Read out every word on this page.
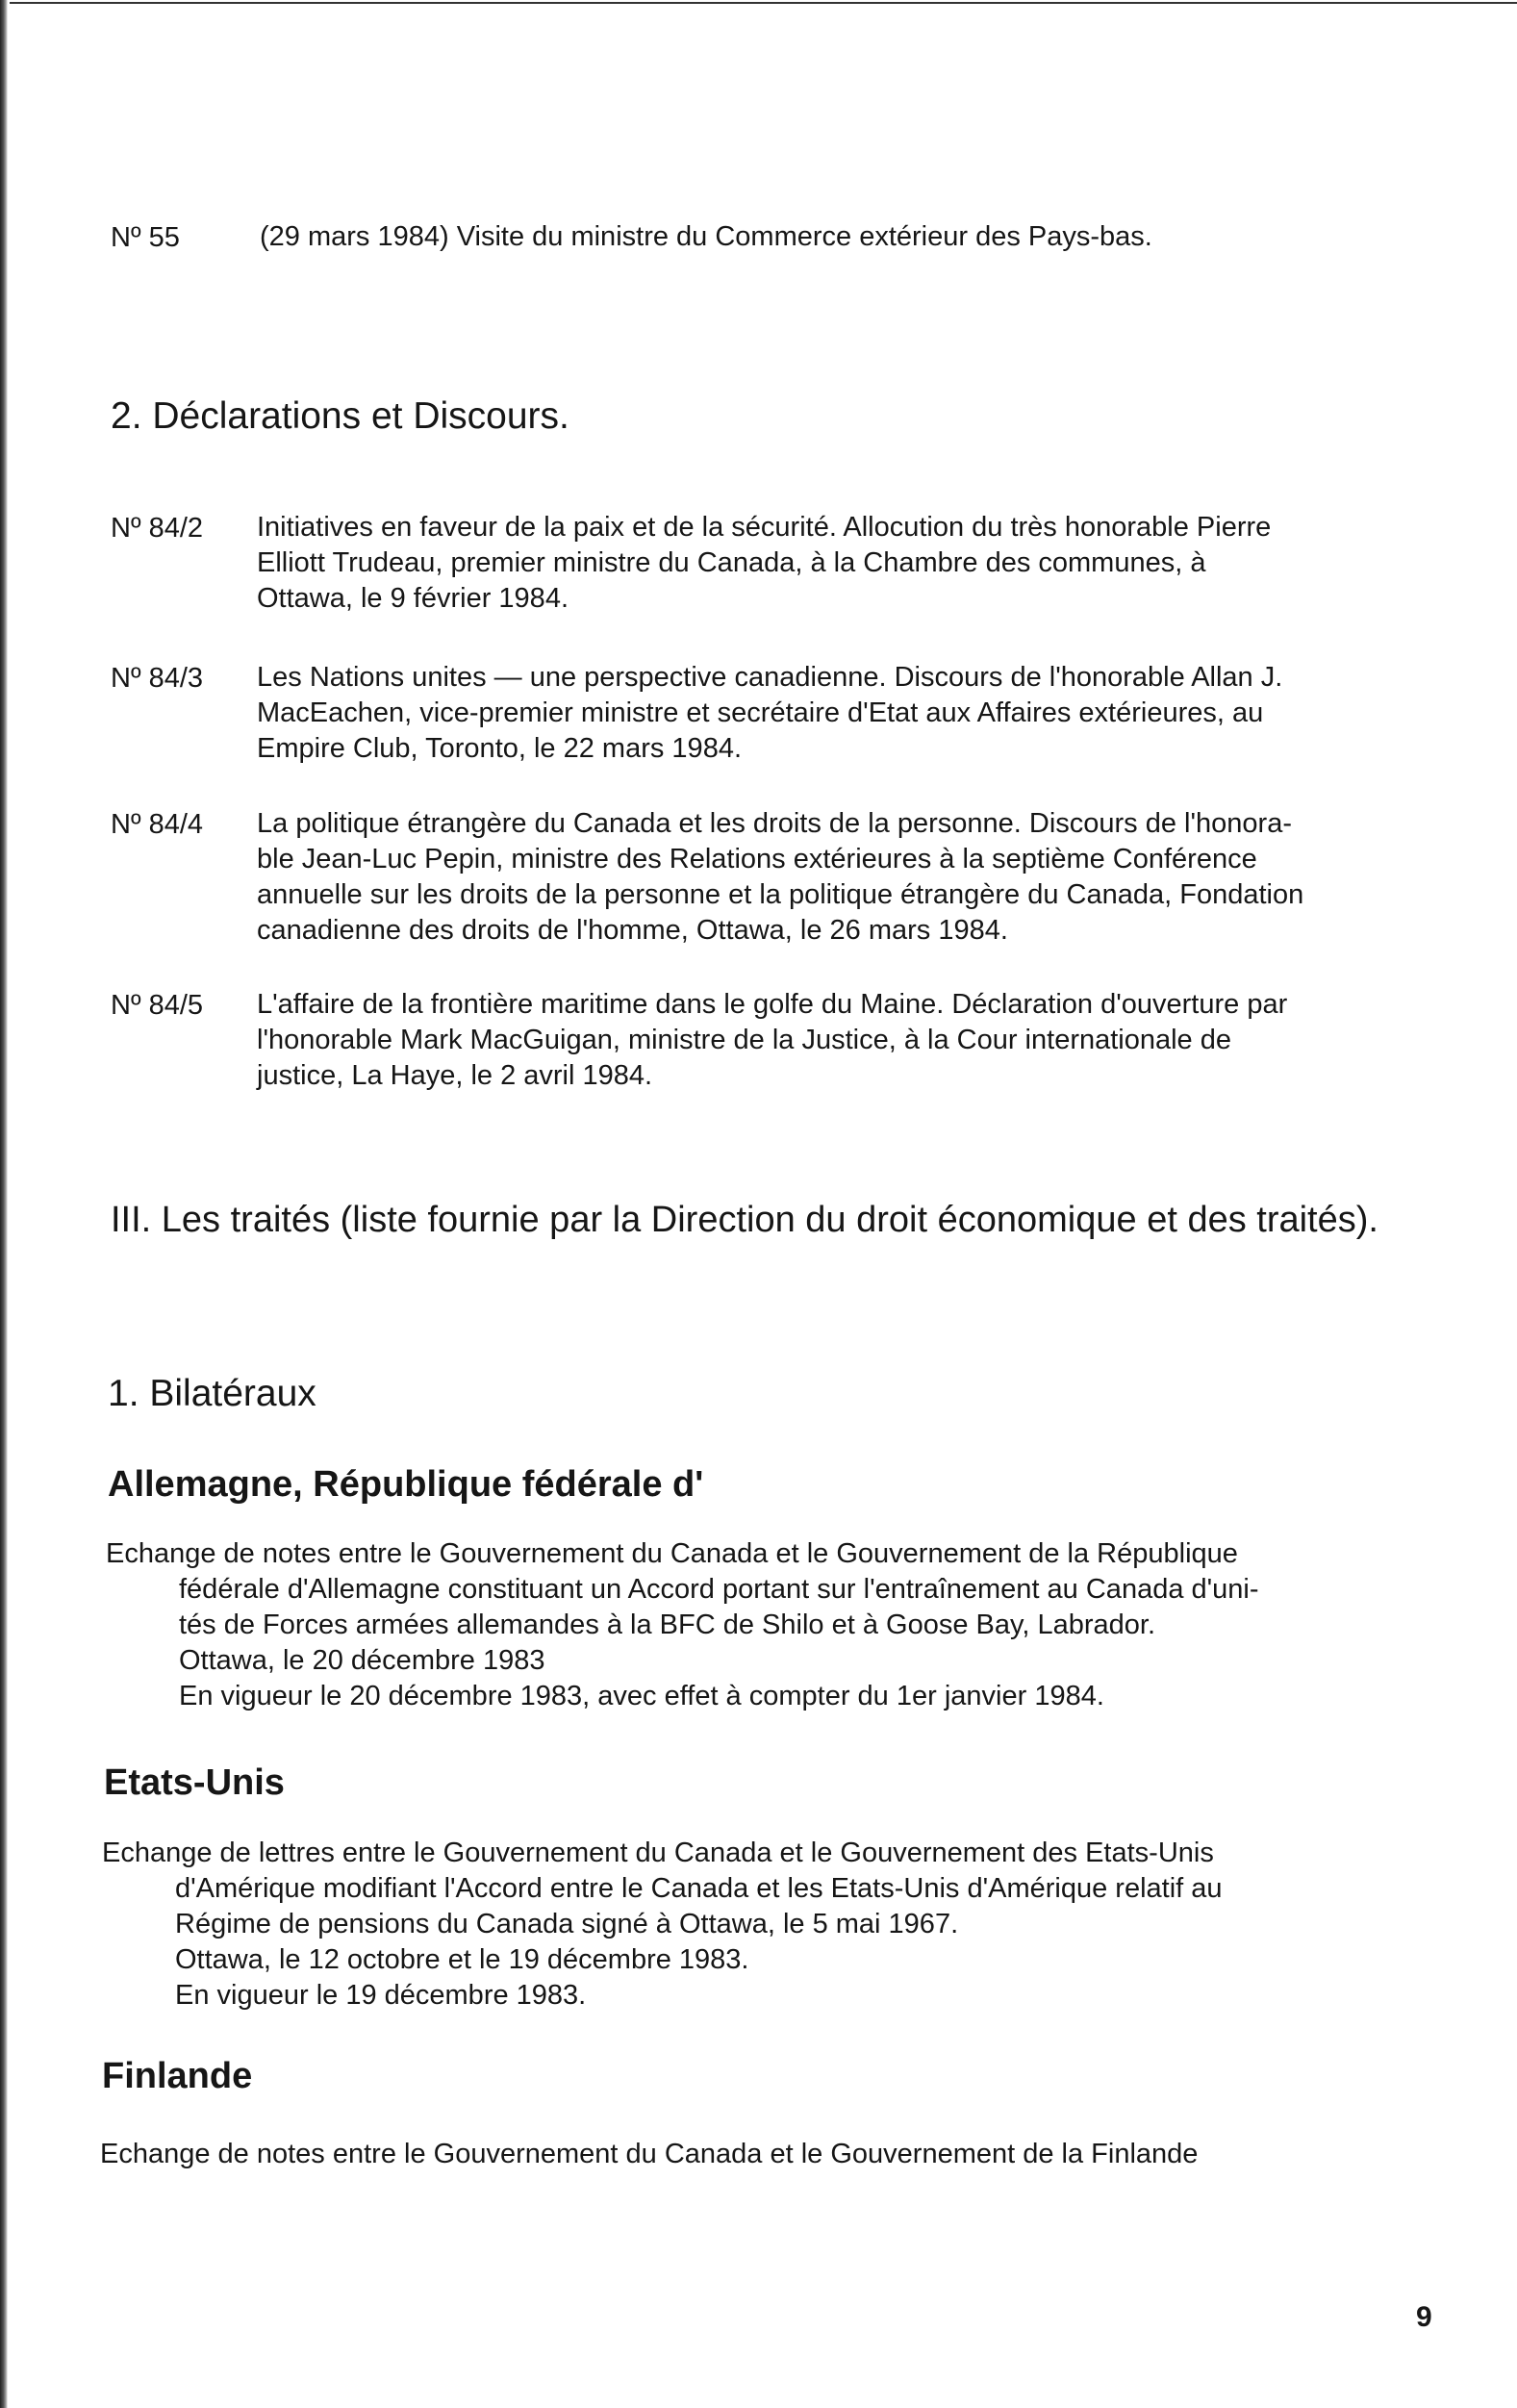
Nº 55	(29 mars 1984) Visite du ministre du Commerce extérieur des Pays-bas.
2. Déclarations et Discours.
Nº 84/2 Initiatives en faveur de la paix et de la sécurité. Allocution du très honorable Pierre
Elliott Trudeau, premier ministre du Canada, à la Chambre des communes, à
Ottawa, le 9 février 1984.
Nº 84/3 Les Nations unites — une perspective canadienne. Discours de l'honorable Allan J.
MacEachen, vice-premier ministre et secrétaire d'Etat aux Affaires extérieures, au
Empire Club, Toronto, le 22 mars 1984.
Nº 84/4 La politique étrangère du Canada et les droits de la personne. Discours de l'honora-
ble Jean-Luc Pepin, ministre des Relations extérieures à la septième Conférence
annuelle sur les droits de la personne et la politique étrangère du Canada, Fondation
canadienne des droits de l'homme, Ottawa, le 26 mars 1984.
Nº 84/5 L'affaire de la frontière maritime dans le golfe du Maine. Déclaration d'ouverture par
l'honorable Mark MacGuigan, ministre de la Justice, à la Cour internationale de
justice, La Haye, le 2 avril 1984.
III. Les traités (liste fournie par la Direction du droit économique et des traités).
1. Bilatéraux
Allemagne, République fédérale d'
Echange de notes entre le Gouvernement du Canada et le Gouvernement de la République
fédérale d'Allemagne constituant un Accord portant sur l'entraînement au Canada d'uni-
tés de Forces armées allemandes à la BFC de Shilo et à Goose Bay, Labrador.
Ottawa, le 20 décembre 1983
En vigueur le 20 décembre 1983, avec effet à compter du 1er janvier 1984.
Etats-Unis
Echange de lettres entre le Gouvernement du Canada et le Gouvernement des Etats-Unis
d'Amérique modifiant l'Accord entre le Canada et les Etats-Unis d'Amérique relatif au
Régime de pensions du Canada signé à Ottawa, le 5 mai 1967.
Ottawa, le 12 octobre et le 19 décembre 1983.
En vigueur le 19 décembre 1983.
Finlande
Echange de notes entre le Gouvernement du Canada et le Gouvernement de la Finlande
9
